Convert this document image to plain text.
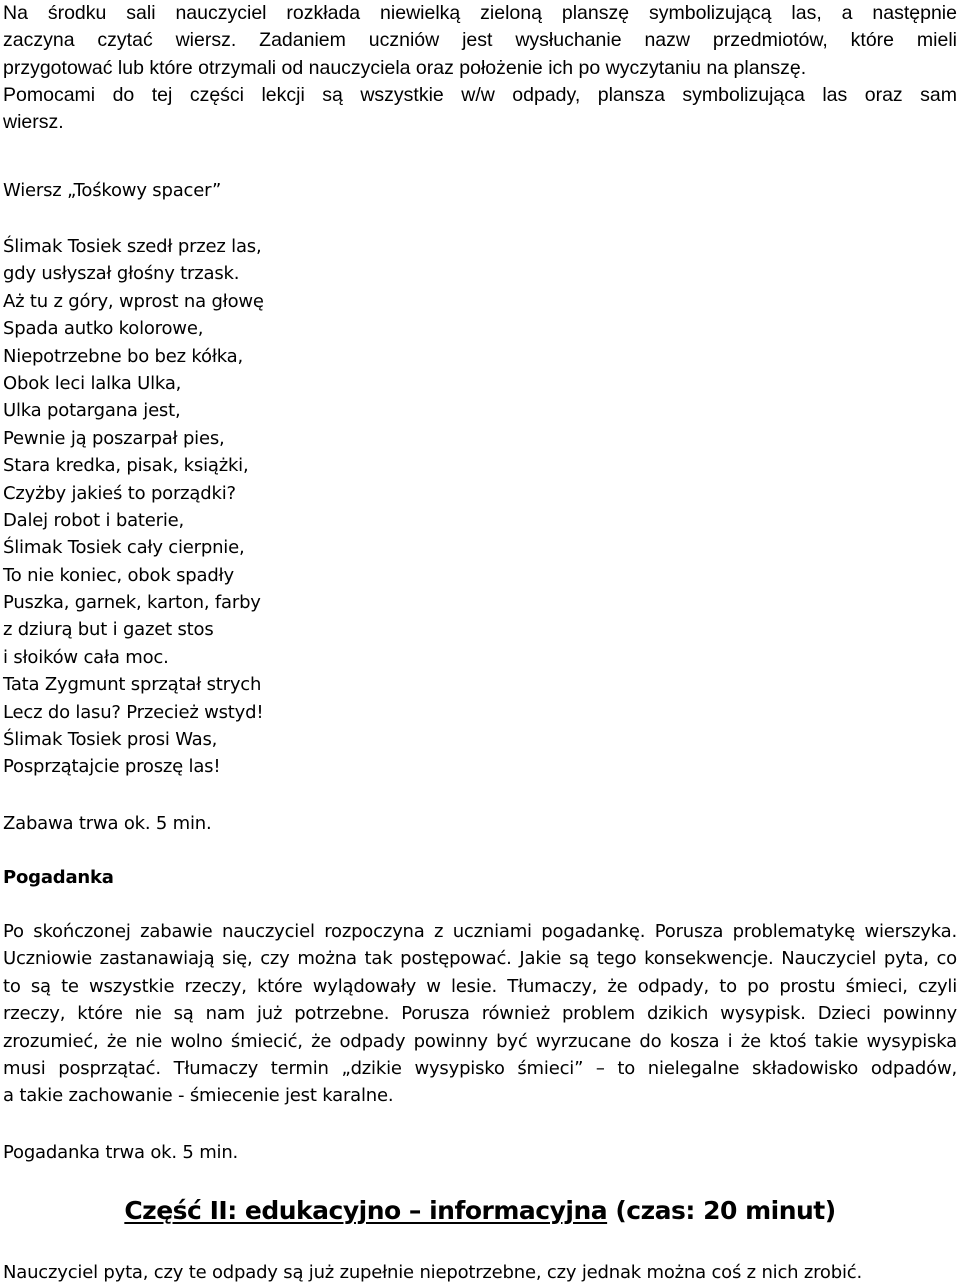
Na środku sali nauczyciel rozkłada niewielką zieloną planszę symbolizującą las, a następnie
zaczyna czytać wiersz. Zadaniem uczniów jest wysłuchanie nazw przedmiotów, które mieli
przygotować lub które otrzymali od nauczyciela oraz położenie ich po wyczytaniu na planszę.
Pomocami do tej części lekcji są wszystkie w/w odpady, plansza symbolizująca las oraz sam
wiersz.
Wiersz „Tośkowy spacer”
Ślimak Tosiek szedł przez las,
gdy usłyszał głośny trzask.
Aż tu z góry, wprost na głowę
Spada autko kolorowe,
Niepotrzebne bo bez kółka,
Obok leci lalka Ulka,
Ulka potargana jest,
Pewnie ją poszarpał pies,
Stara kredka, pisak, książki,
Czyżby jakieś to porządki?
Dalej robot i baterie,
Ślimak Tosiek cały cierpnie,
To nie koniec, obok spadły
Puszka, garnek, karton, farby
z dziurą but i gazet stos
i słoików cała moc.
Tata Zygmunt sprzątał strych
Lecz do lasu? Przecież wstyd!
Ślimak Tosiek prosi Was,
Posprzątajcie proszę las!
Zabawa trwa ok. 5 min.
Pogadanka
Po skończonej zabawie nauczyciel rozpoczyna z uczniami pogadankę. Porusza problematykę wierszyka.
Uczniowie zastanawiają się, czy można tak postępować. Jakie są tego konsekwencje. Nauczyciel pyta, co
to są te wszystkie rzeczy, które wylądowały w lesie. Tłumaczy, że odpady, to po prostu śmieci, czyli
rzeczy, które nie są nam już potrzebne. Porusza również problem dzikich wysypisk. Dzieci powinny
zrozumieć, że nie wolno śmiecić, że odpady powinny być wyrzucane do kosza i że ktoś takie wysypiska
musi posprzątać. Tłumaczy termin „dzikie wysypisko śmieci” – to nielegalne składowisko odpadów,
a takie zachowanie - śmiecenie jest karalne.
Pogadanka trwa ok. 5 min.
Część II: edukacyjno – informacyjna (czas: 20 minut)
Nauczyciel pyta, czy te odpady są już zupełnie niepotrzebne, czy jednak można coś z nich zrobić.
